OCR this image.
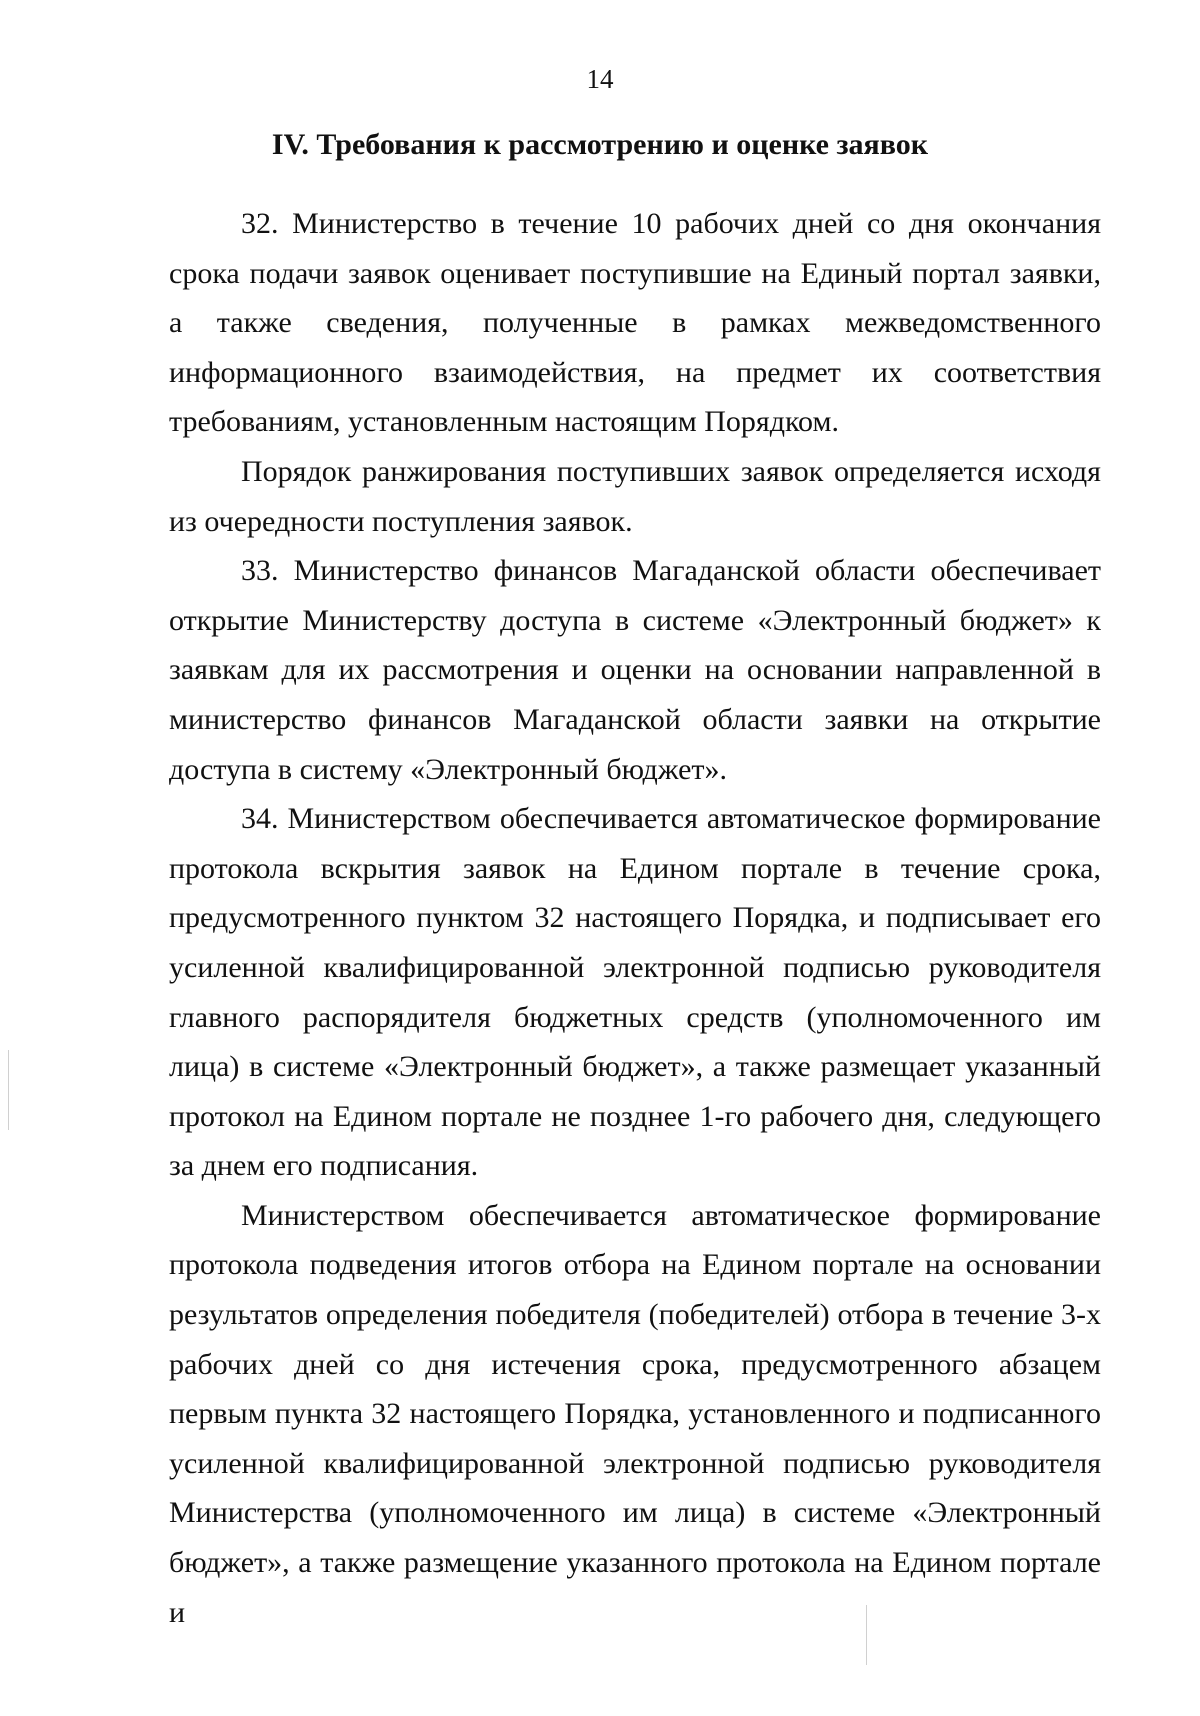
14
IV. Требования к рассмотрению и оценке заявок

32. Министерство в течение 10 рабочих дней со дня окончания срока подачи заявок оценивает поступившие на Единый портал заявки, а также сведения, полученные в рамках межведомственного информационного взаимодействия, на предмет их соответствия требованиям, установленным настоящим Порядком.

Порядок ранжирования поступивших заявок определяется исходя из очередности поступления заявок.

33. Министерство финансов Магаданской области обеспечивает открытие Министерству доступа в системе «Электронный бюджет» к заявкам для их рассмотрения и оценки на основании направленной в министерство финансов Магаданской области заявки на открытие доступа в систему «Электронный бюджет».

34. Министерством обеспечивается автоматическое формирование протокола вскрытия заявок на Едином портале в течение срока, предусмотренного пунктом 32 настоящего Порядка, и подписывает его усиленной квалифицированной электронной подписью руководителя главного распорядителя бюджетных средств (уполномоченного им лица) в системе «Электронный бюджет», а также размещает указанный протокол на Едином портале не позднее 1-го рабочего дня, следующего за днем его подписания.

Министерством обеспечивается автоматическое формирование протокола подведения итогов отбора на Едином портале на основании результатов определения победителя (победителей) отбора в течение 3-х рабочих дней со дня истечения срока, предусмотренного абзацем первым пункта 32 настоящего Порядка, установленного и подписанного усиленной квалифицированной электронной подписью руководителя Министерства (уполномоченного им лица) в системе «Электронный бюджет», а также размещение указанного протокола на Едином портале и
